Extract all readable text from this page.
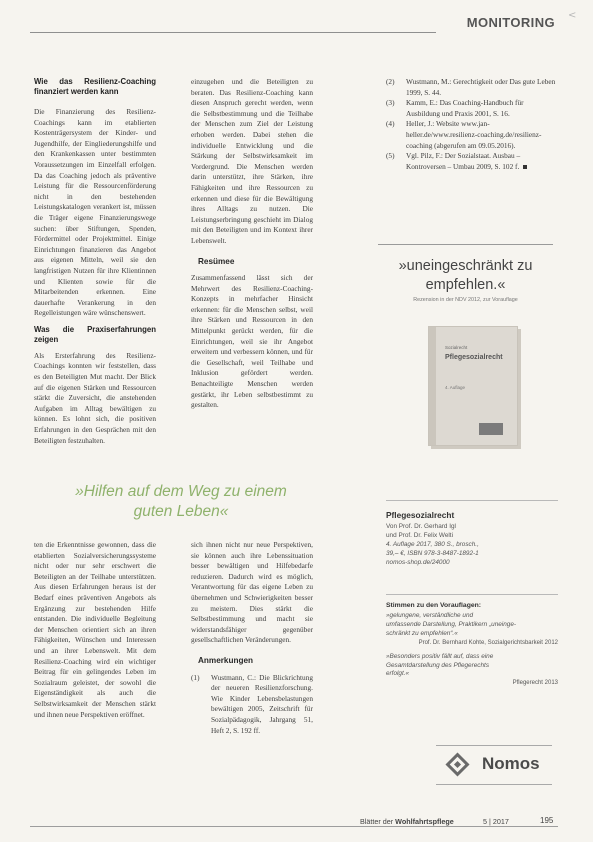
MONITORING <

Wie das Resilienz-Coaching finanziert werden kann

Die Finanzierung des Resilienz-Coachings kann im etablierten Kostenträgersystem der Kinder- und Jugendhilfe, der Eingliederungshilfe und den Krankenkassen unter bestimmten Voraussetzungen im Einzelfall erfolgen. Da das Coaching jedoch als präventive Leistung für die Ressourcenförderung nicht in den bestehenden Leistungskatalogen verankert ist, müssen die Träger eigene Finanzierungswege suchen: über Stiftungen, Spenden, Fördermittel oder Projektmittel. Einige Einrichtungen finanzieren das Angebot aus eigenen Mitteln, weil sie den langfristigen Nutzen für ihre Klientinnen und Klienten sowie für die Mitarbeitenden erkennen. Eine dauerhafte Verankerung in den Regelleistungen wäre wünschenswert.

Was die Praxiserfahrungen zeigen

Als Ersterfahrung des Resilienz-Coachings konnten wir feststellen, dass es den Beteiligten Mut macht. Der Blick auf die eigenen Stärken und Ressourcen stärkt die Zuversicht, die anstehenden Aufgaben im Alltag bewältigen zu können. Es lohnt sich, die positiven Erfahrungen in den Gesprächen mit den Beteiligten festzuhalten.

»Hilfen auf dem Weg zu einem guten Leben«

ten die Erkenntnisse gewonnen, dass die etablierten Sozialversicherungssysteme nicht oder nur sehr erschwert die Beteiligten an der Teilhabe unterstützen. Aus diesen Erfahrungen heraus ist der Bedarf eines präventiven Angebots als Ergänzung zur bestehenden Hilfe entstanden. Die individuelle Begleitung der Menschen orientiert sich an ihren Fähigkeiten, Wünschen und Interessen und an ihrer Lebenswelt. Mit dem Resilienz-Coaching wird ein wichtiger Beitrag für ein gelingendes Leben im Sozialraum geleistet, der sowohl die Eigenständigkeit als auch die Selbstwirksamkeit der Menschen stärkt und ihnen neue Perspektiven eröffnet.

einzugehen und die Beteiligten zu beraten. Das Resilienz-Coaching kann diesen Anspruch gerecht werden, wenn die Selbstbestimmung und die Teilhabe der Menschen zum Ziel der Leistung erhoben werden. Dabei stehen die individuelle Entwicklung und die Stärkung der Selbstwirksamkeit im Vordergrund. Die Menschen werden darin unterstützt, ihre Stärken, ihre Fähigkeiten und ihre Ressourcen zu erkennen und diese für die Bewältigung ihres Alltags zu nutzen. Die Leistungserbringung geschieht im Dialog mit den Beteiligten und im Kontext ihrer Lebenswelt.

Resümee

Zusammenfassend lässt sich der Mehrwert des Resilienz-Coaching-Konzepts in mehrfacher Hinsicht erkennen: für die Menschen selbst, weil ihre Stärken und Ressourcen in den Mittelpunkt gerückt werden, für die Einrichtungen, weil sie ihr Angebot erweitern und verbessern können, und für die Gesellschaft, weil Teilhabe und Inklusion gefördert werden. Benachteiligte Menschen werden gestärkt, ihr Leben selbstbestimmt zu gestalten.

sich ihnen nicht nur neue Perspektiven, sie können auch ihre Lebenssituation besser bewältigen und Hilfebedarfe reduzieren. Dadurch wird es möglich, Verantwortung für das eigene Leben zu übernehmen und Schwierigkeiten besser zu meistern. Dies stärkt die Selbstbestimmung und macht sie widerstandsfähiger gegenüber gesellschaftlichen Veränderungen.

Anmerkungen

(1) Wustmann, C.: Die Blickrichtung der neueren Resilienzforschung. Wie Kinder Lebensbelastungen bewältigen 2005, Zeitschrift für Sozialpädagogik, Jahrgang 51, Heft 2, S. 192 ff.
(2) Wustmann, M.: Gerechtigkeit oder Das gute Leben 1999, S. 44.
(3) Kamm, E.: Das Coaching-Handbuch für Ausbildung und Praxis 2001, S. 16.
(4) Heller, J.: Website www.jan-heller.de/www.resilienz-coaching.de/resilienz-coaching (abgerufen am 09.05.2016).
(5) Vgl. Pilz, F.: Der Sozialstaat. Ausbau – Kontroversen – Umbau 2009, S. 102 f.
»uneingeschränkt zu empfehlen.«
Rezension in der NDV 2012, zur Vorauflage
Sozialrecht
Pflegesozialrecht
4. Auflage
Pflegesozialrecht
Von Prof. Dr. Gerhard Igl
und Prof. Dr. Felix Welti
4. Auflage 2017, 380 S., brosch.,
39,– €, ISBN 978-3-8487-1892-1
nomos-shop.de/24000
Stimmen zu den Vorauflagen:
»gelungene, verständliche und
umfassende Darstellung, Praktikern „uneinge-
schränkt zu empfehlen“.«
Prof. Dr. Bernhard Kohte, Sozialgerichtsbarkeit 2012
»Besonders positiv fällt auf, dass eine
Gesamtdarstellung des Pflegerechts
erfolgt.«
Pflegerecht 2013
Nomos
Blätter der Wohlfahrtspflege	5 | 2017	195
